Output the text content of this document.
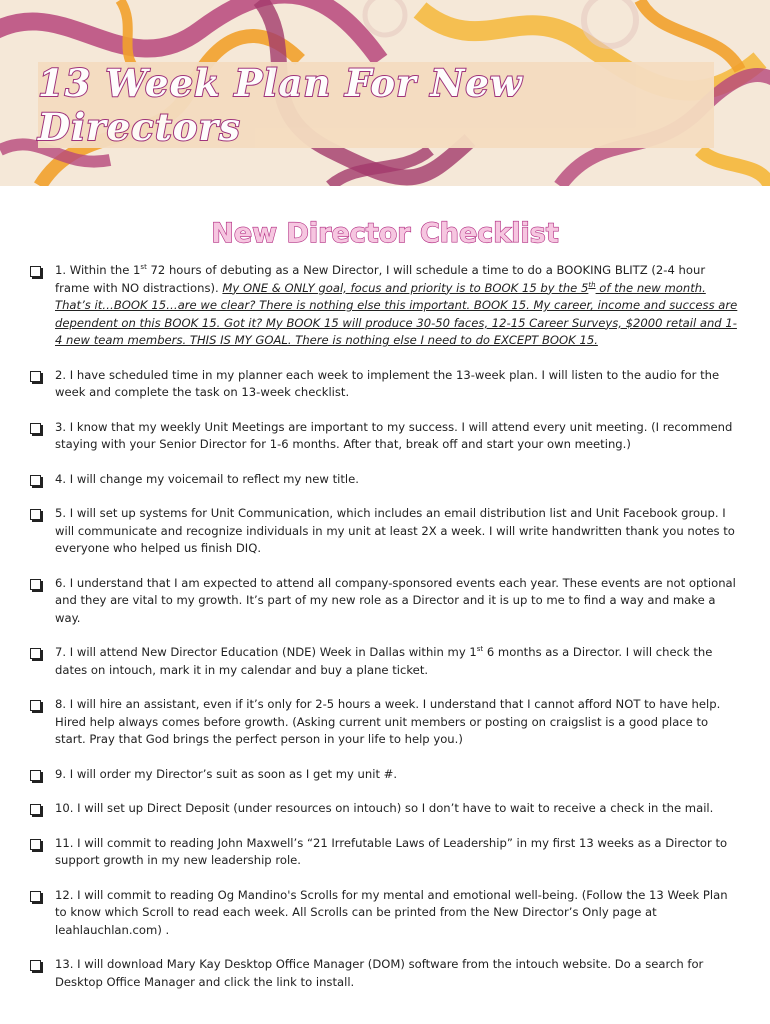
13 Week Plan For New Directors
New Director Checklist
1. Within the 1st 72 hours of debuting as a New Director, I will schedule a time to do a BOOKING BLITZ (2-4 hour frame with NO distractions). My ONE & ONLY goal, focus and priority is to BOOK 15 by the 5th of the new month. That’s it…BOOK 15…are we clear? There is nothing else this important. BOOK 15. My career, income and success are dependent on this BOOK 15. Got it? My BOOK 15 will produce 30-50 faces, 12-15 Career Surveys, $2000 retail and 1-4 new team members. THIS IS MY GOAL. There is nothing else I need to do EXCEPT BOOK 15.
2. I have scheduled time in my planner each week to implement the 13-week plan. I will listen to the audio for the week and complete the task on 13-week checklist.
3. I know that my weekly Unit Meetings are important to my success. I will attend every unit meeting. (I recommend staying with your Senior Director for 1-6 months. After that, break off and start your own meeting.)
4. I will change my voicemail to reflect my new title.
5. I will set up systems for Unit Communication, which includes an email distribution list and Unit Facebook group. I will communicate and recognize individuals in my unit at least 2X a week. I will write handwritten thank you notes to everyone who helped us finish DIQ.
6. I understand that I am expected to attend all company-sponsored events each year. These events are not optional and they are vital to my growth. It’s part of my new role as a Director and it is up to me to find a way and make a way.
7. I will attend New Director Education (NDE) Week in Dallas within my 1st 6 months as a Director. I will check the dates on intouch, mark it in my calendar and buy a plane ticket.
8. I will hire an assistant, even if it’s only for 2-5 hours a week. I understand that I cannot afford NOT to have help. Hired help always comes before growth. (Asking current unit members or posting on craigslist is a good place to start. Pray that God brings the perfect person in your life to help you.)
9. I will order my Director’s suit as soon as I get my unit #.
10. I will set up Direct Deposit (under resources on intouch) so I don’t have to wait to receive a check in the mail.
11. I will commit to reading John Maxwell’s “21 Irrefutable Laws of Leadership” in my first 13 weeks as a Director to support growth in my new leadership role.
12. I will commit to reading Og Mandino's Scrolls for my mental and emotional well-being. (Follow the 13 Week Plan to know which Scroll to read each week. All Scrolls can be printed from the New Director’s Only page at leahlauchlan.com) .
13. I will download Mary Kay Desktop Office Manager (DOM) software from the intouch website. Do a search for Desktop Office Manager and click the link to install.
